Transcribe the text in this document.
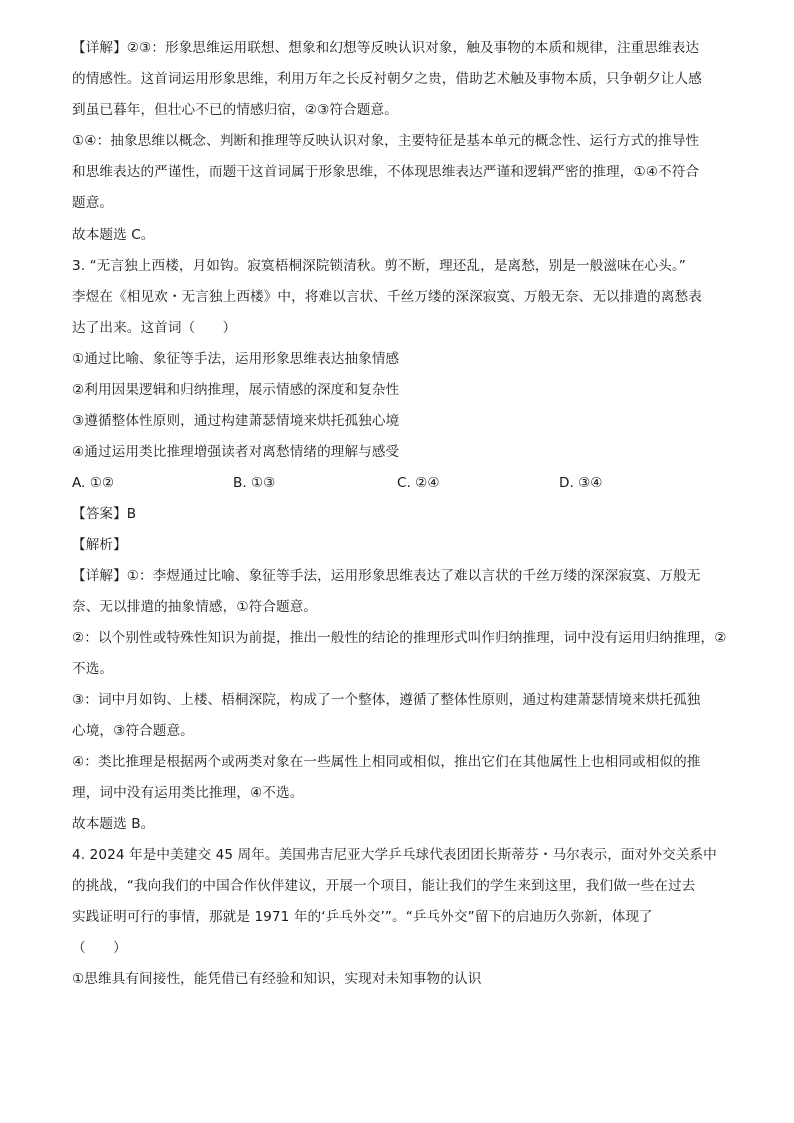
【详解】②③：形象思维运用联想、想象和幻想等反映认识对象，触及事物的本质和规律，注重思维表达
的情感性。这首词运用形象思维，利用万年之长反衬朝夕之贵，借助艺术触及事物本质，只争朝夕让人感
到虽已暮年，但壮心不已的情感归宿，②③符合题意。
①④：抽象思维以概念、判断和推理等反映认识对象，主要特征是基本单元的概念性、运行方式的推导性
和思维表达的严谨性，而题干这首词属于形象思维，不体现思维表达严谨和逻辑严密的推理，①④不符合
题意。
故本题选 C。
3. “无言独上西楼，月如钩。寂寞梧桐深院锁清秋。剪不断，理还乱，是离愁，别是一般滋味在心头。”
李煜在《相见欢・无言独上西楼》中，将难以言状、千丝万缕的深深寂寞、万般无奈、无以排遣的离愁表
达了出来。这首词（　　）
①通过比喻、象征等手法，运用形象思维表达抽象情感
②利用因果逻辑和归纳推理，展示情感的深度和复杂性
③遵循整体性原则，通过构建萧瑟情境来烘托孤独心境
④通过运用类比推理增强读者对离愁情绪的理解与感受
A. ①②	B. ①③	C. ②④	D. ③④
【答案】B
【解析】
【详解】①：李煜通过比喻、象征等手法，运用形象思维表达了难以言状的千丝万缕的深深寂寞、万般无
奈、无以排遣的抽象情感，①符合题意。
②：以个别性或特殊性知识为前提，推出一般性的结论的推理形式叫作归纳推理，词中没有运用归纳推理，②
不选。
③：词中月如钩、上楼、梧桐深院，构成了一个整体，遵循了整体性原则，通过构建萧瑟情境来烘托孤独
心境，③符合题意。
④：类比推理是根据两个或两类对象在一些属性上相同或相似，推出它们在其他属性上也相同或相似的推
理，词中没有运用类比推理，④不选。
故本题选 B。
4. 2024 年是中美建交 45 周年。美国弗吉尼亚大学乒乓球代表团团长斯蒂芬・马尔表示，面对外交关系中
的挑战，“我向我们的中国合作伙伴建议，开展一个项目，能让我们的学生来到这里，我们做一些在过去
实践证明可行的事情，那就是 1971 年的‘乒乓外交’”。“乒乓外交”留下的启迪历久弥新，体现了
（　　）
①思维具有间接性，能凭借已有经验和知识，实现对未知事物的认识
